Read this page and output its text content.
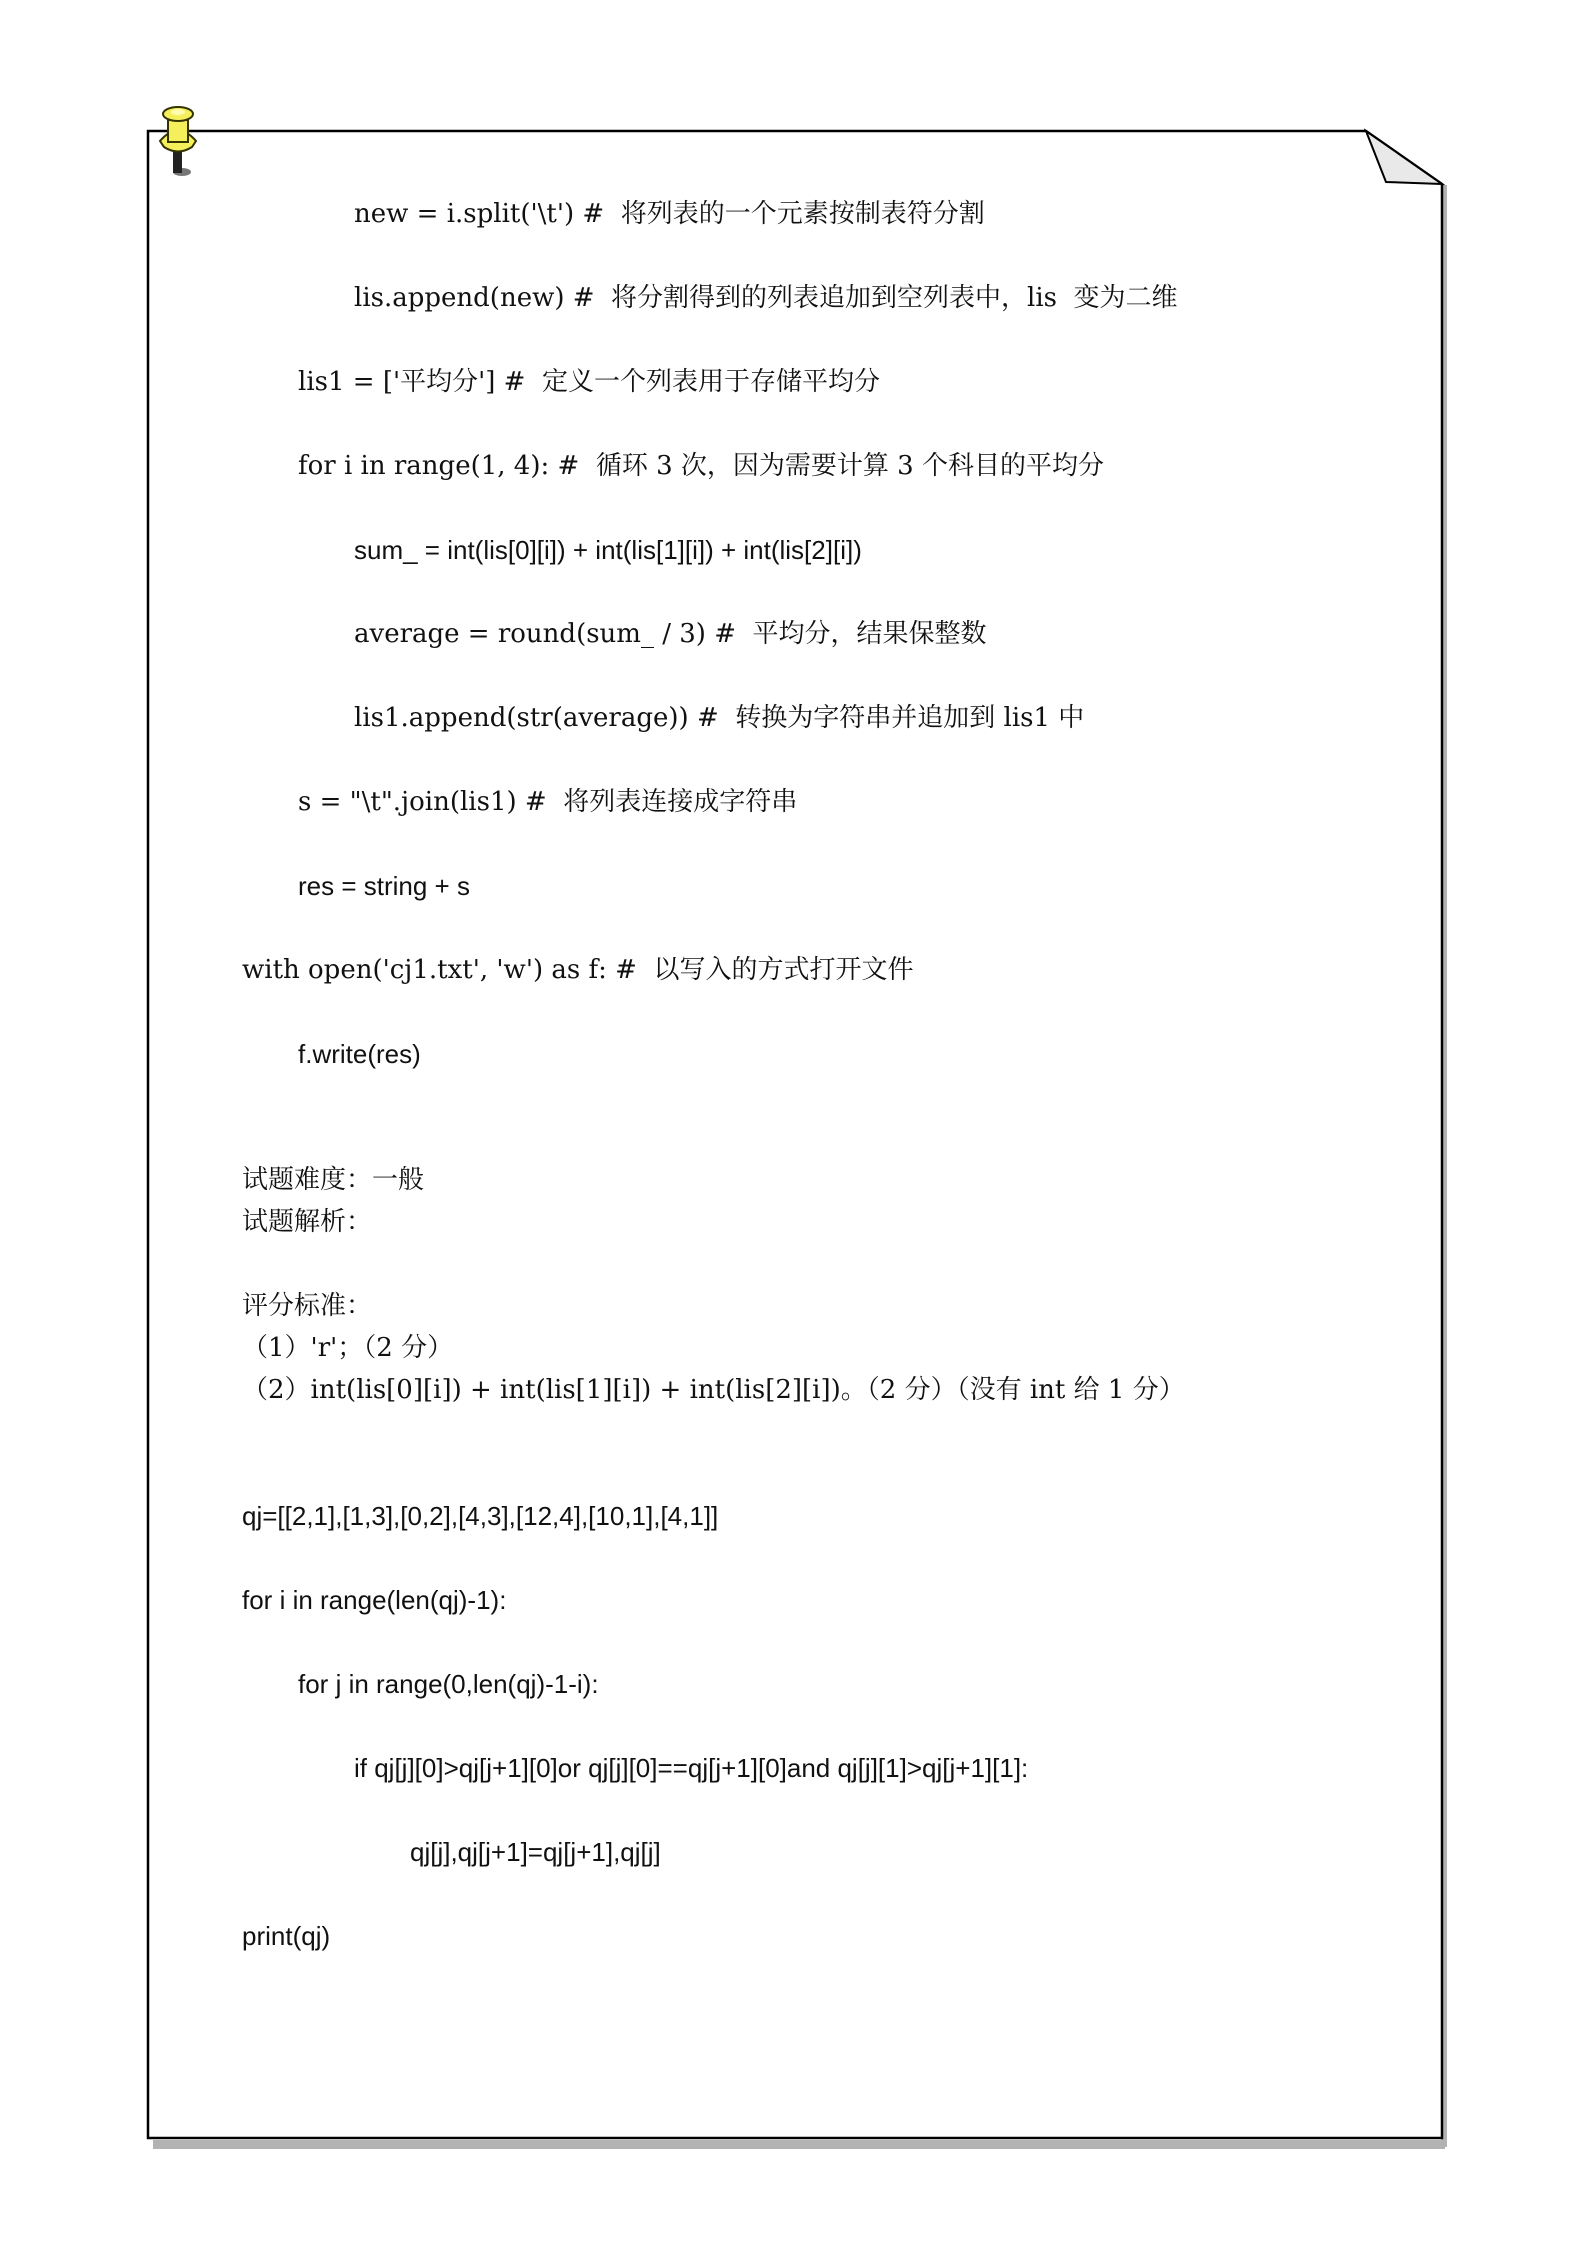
new = i.split('\t') #  将列表的一个元素按制表符分割
lis.append(new) #  将分割得到的列表追加到空列表中，lis  变为二维
lis1 = ['平均分'] #  定义一个列表用于存储平均分
for i in range(1, 4): #  循环 3 次，因为需要计算 3 个科目的平均分
sum_ = int(lis[0][i]) + int(lis[1][i]) + int(lis[2][i])
average = round(sum_ / 3) #  平均分，结果保整数
lis1.append(str(average)) #  转换为字符串并追加到 lis1 中
s = "\t".join(lis1) #  将列表连接成字符串
res = string + s
with open('cj1.txt', 'w') as f: #  以写入的方式打开文件
f.write(res)
试题难度：一般
试题解析：
评分标准：
（1）'r'；（2 分）
（2）int(lis[0][i]) + int(lis[1][i]) + int(lis[2][i])。（2 分）（没有 int 给 1 分）
qj=[[2,1],[1,3],[0,2],[4,3],[12,4],[10,1],[4,1]]
for i in range(len(qj)-1):
for j in range(0,len(qj)-1-i):
if qj[j][0]>qj[j+1][0]or qj[j][0]==qj[j+1][0]and qj[j][1]>qj[j+1][1]:
qj[j],qj[j+1]=qj[j+1],qj[j]
print(qj)
